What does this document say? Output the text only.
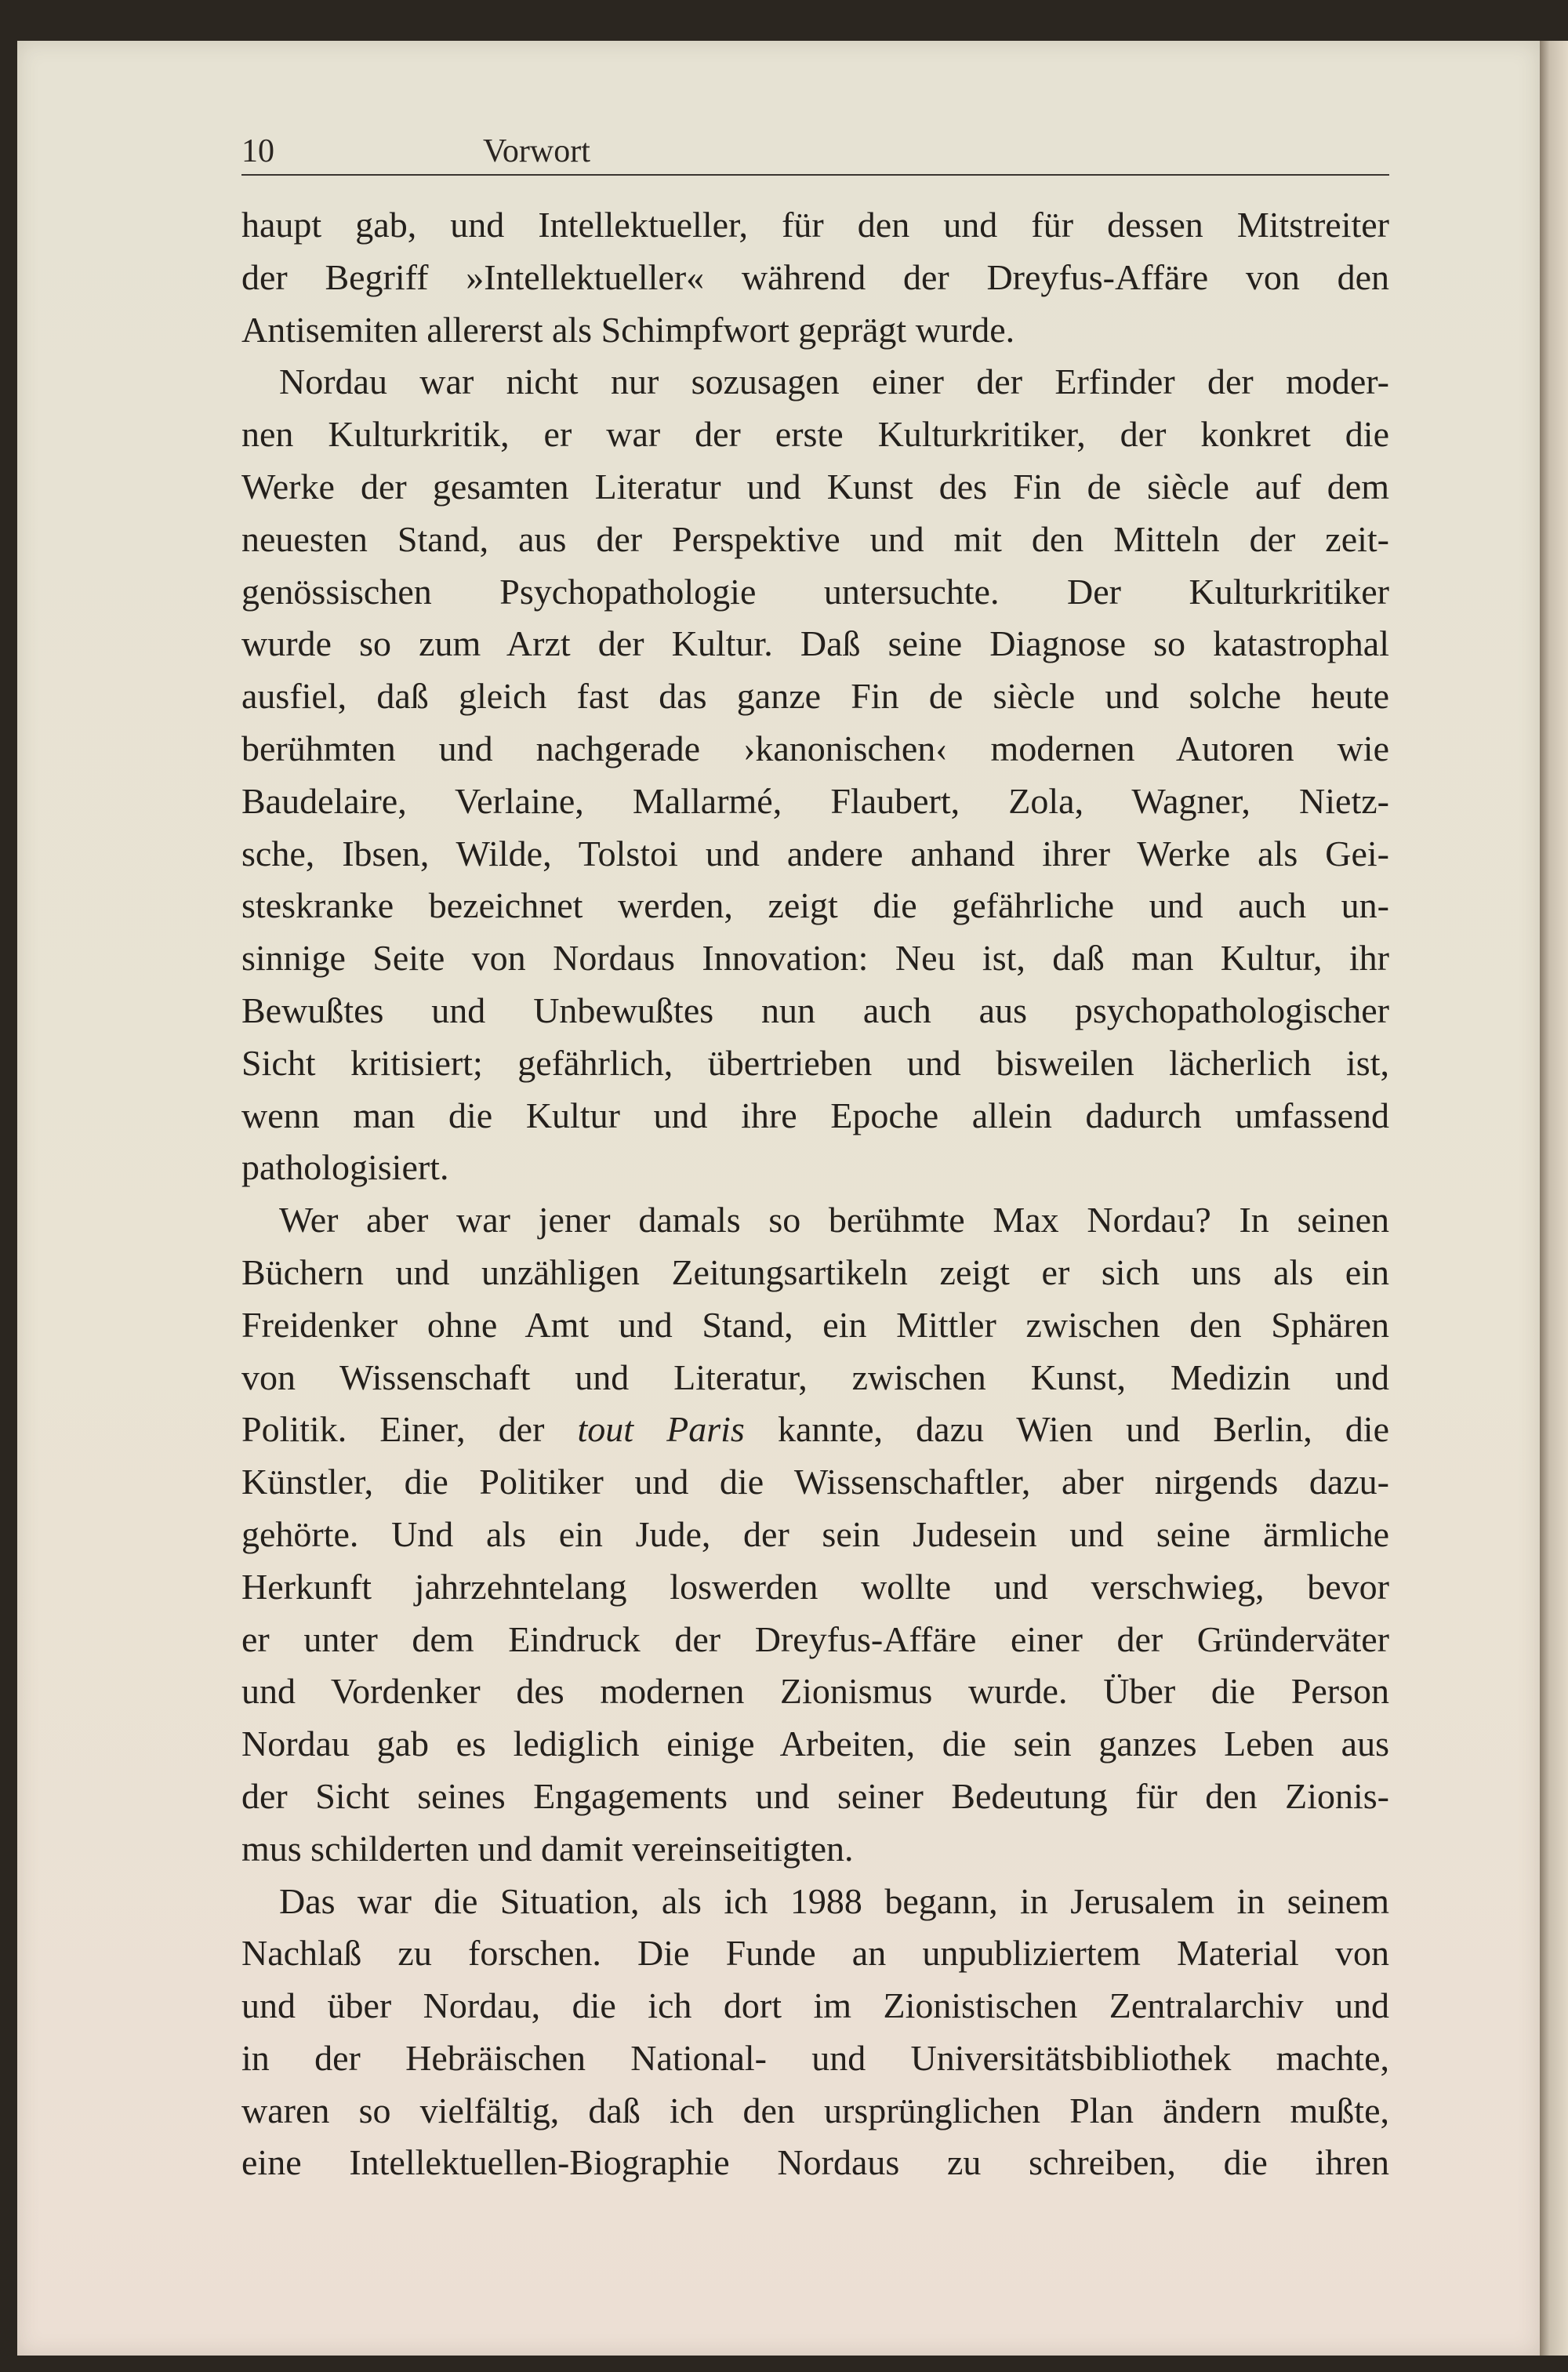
10	Vorwort
haupt gab, und Intellektueller, für den und für dessen Mitstreiter
der Begriff »Intellektueller« während der Dreyfus-Affäre von den
Antisemiten allererst als Schimpfwort geprägt wurde.
Nordau war nicht nur sozusagen einer der Erfinder der moder-
nen Kulturkritik, er war der erste Kulturkritiker, der konkret die
Werke der gesamten Literatur und Kunst des Fin de siècle auf dem
neuesten Stand, aus der Perspektive und mit den Mitteln der zeit-
genössischen Psychopathologie untersuchte. Der Kulturkritiker
wurde so zum Arzt der Kultur. Daß seine Diagnose so katastrophal
ausfiel, daß gleich fast das ganze Fin de siècle und solche heute
berühmten und nachgerade ›kanonischen‹ modernen Autoren wie
Baudelaire, Verlaine, Mallarmé, Flaubert, Zola, Wagner, Nietz-
sche, Ibsen, Wilde, Tolstoi und andere anhand ihrer Werke als Gei-
steskranke bezeichnet werden, zeigt die gefährliche und auch un-
sinnige Seite von Nordaus Innovation: Neu ist, daß man Kultur, ihr
Bewußtes und Unbewußtes nun auch aus psychopathologischer
Sicht kritisiert; gefährlich, übertrieben und bisweilen lächerlich ist,
wenn man die Kultur und ihre Epoche allein dadurch umfassend
pathologisiert.
Wer aber war jener damals so berühmte Max Nordau? In seinen
Büchern und unzähligen Zeitungsartikeln zeigt er sich uns als ein
Freidenker ohne Amt und Stand, ein Mittler zwischen den Sphären
von Wissenschaft und Literatur, zwischen Kunst, Medizin und
Politik. Einer, der tout Paris kannte, dazu Wien und Berlin, die
Künstler, die Politiker und die Wissenschaftler, aber nirgends dazu-
gehörte. Und als ein Jude, der sein Judesein und seine ärmliche
Herkunft jahrzehntelang loswerden wollte und verschwieg, bevor
er unter dem Eindruck der Dreyfus-Affäre einer der Gründerväter
und Vordenker des modernen Zionismus wurde. Über die Person
Nordau gab es lediglich einige Arbeiten, die sein ganzes Leben aus
der Sicht seines Engagements und seiner Bedeutung für den Zionis-
mus schilderten und damit vereinseitigten.
Das war die Situation, als ich 1988 begann, in Jerusalem in seinem
Nachlaß zu forschen. Die Funde an unpubliziertem Material von
und über Nordau, die ich dort im Zionistischen Zentralarchiv und
in der Hebräischen National- und Universitätsbibliothek machte,
waren so vielfältig, daß ich den ursprünglichen Plan ändern mußte,
eine Intellektuellen-Biographie Nordaus zu schreiben, die ihren
